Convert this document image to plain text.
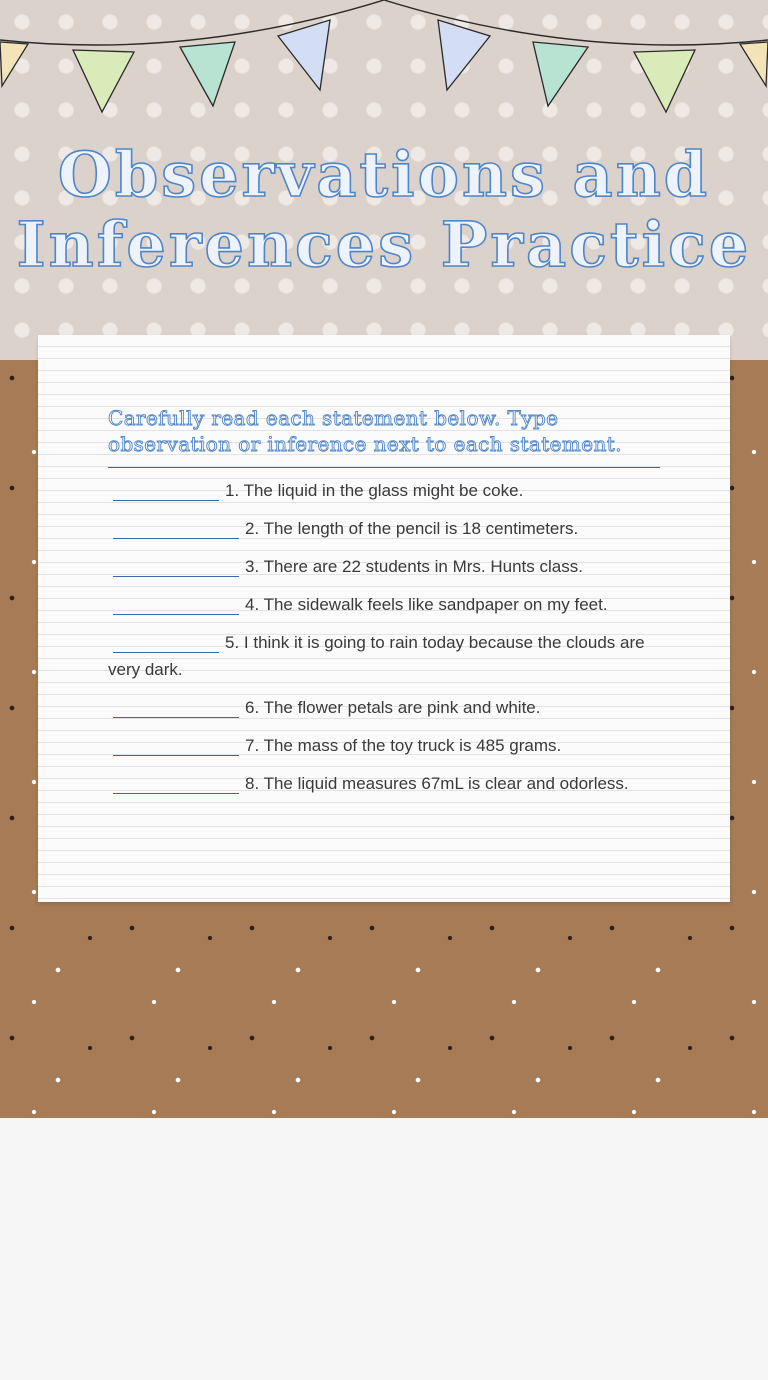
Observations and
Inferences Practice
Carefully read each statement below. Type observation or inference next to each statement.
1. The liquid in the glass might be coke.
2. The length of the pencil is 18 centimeters.
3. There are 22 students in Mrs. Hunts class.
4. The sidewalk feels like sandpaper on my feet.
5. I think it is going to rain today because the clouds are very dark.
6. The flower petals are pink and white.
7. The mass of the toy truck is 485 grams.
8. The liquid measures 67mL is clear and odorless.
